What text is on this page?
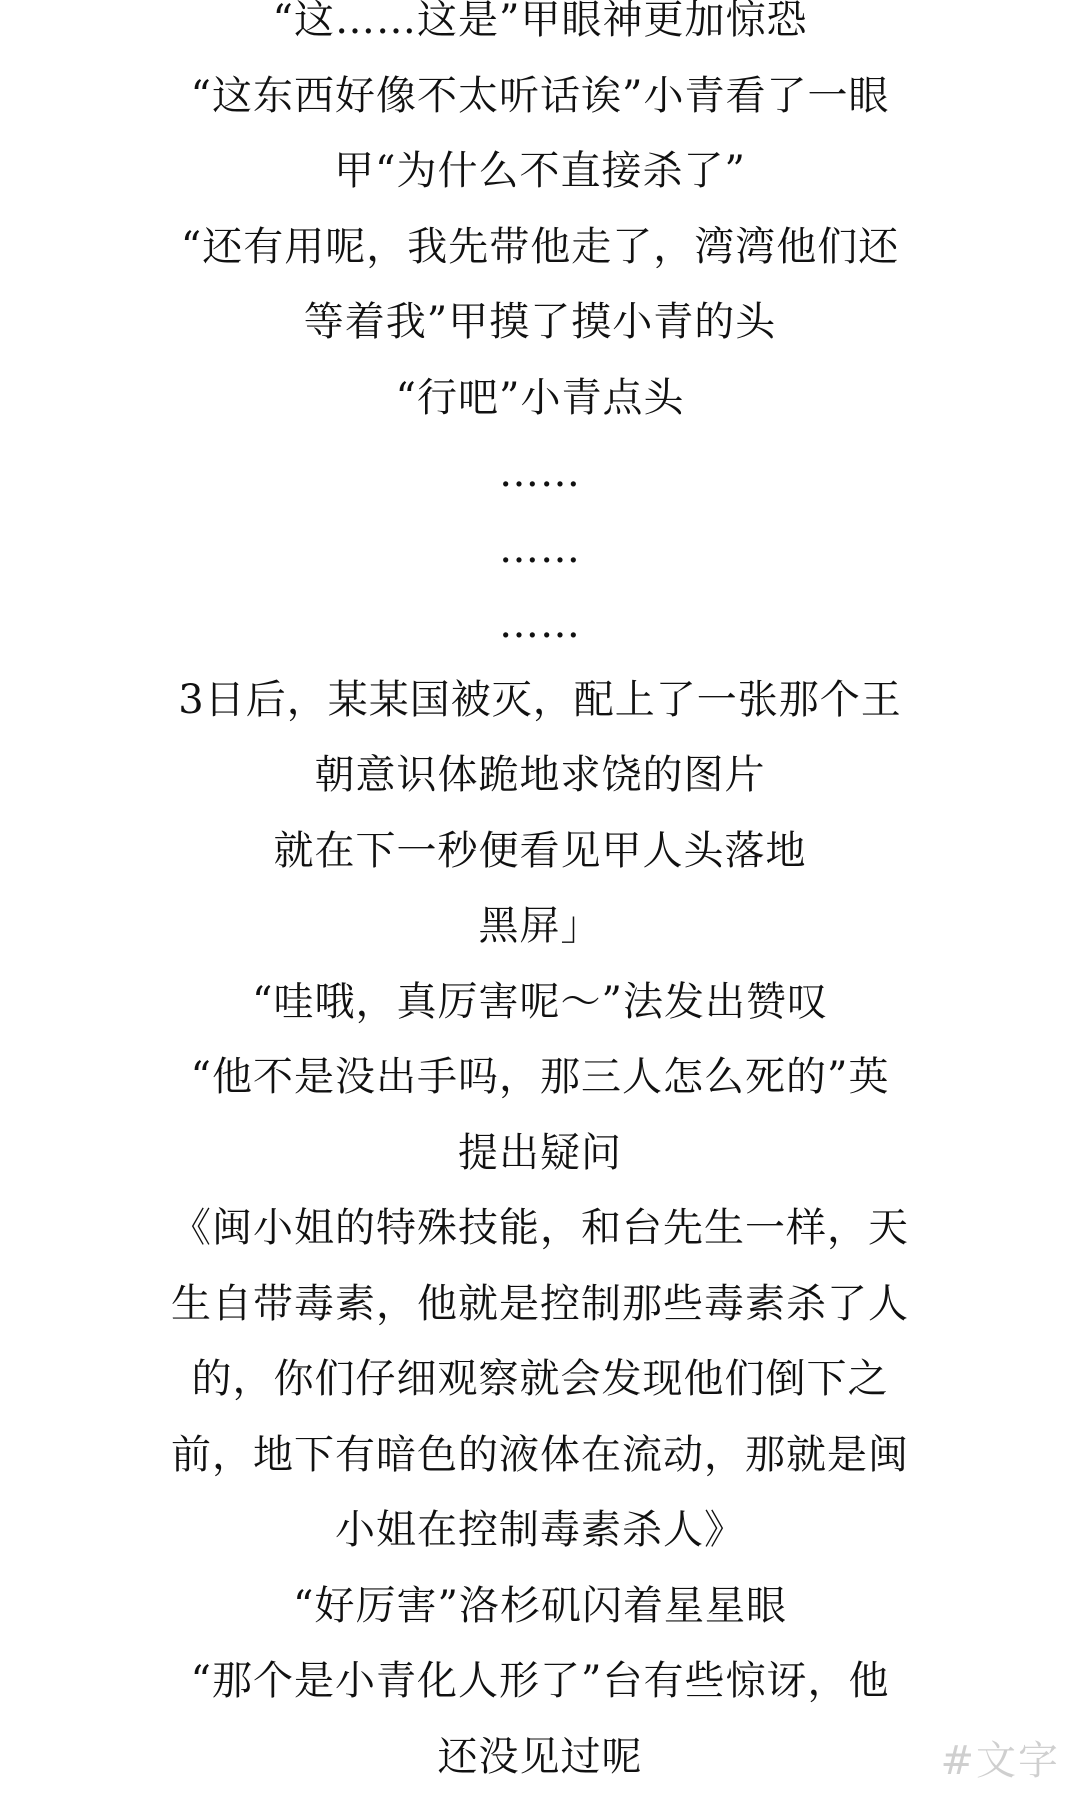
“这……这是”甲眼神更加惊恐

“这东西好像不太听话诶”小青看了一眼

甲“为什么不直接杀了”

“还有用呢，我先带他走了，湾湾他们还

等着我”甲摸了摸小青的头

“行吧”小青点头

……

……

……

3日后，某某国被灭，配上了一张那个王

朝意识体跪地求饶的图片

就在下一秒便看见甲人头落地

黑屏」

“哇哦，真厉害呢～”法发出赞叹

“他不是没出手吗，那三人怎么死的”英

提出疑问

《闽小姐的特殊技能，和台先生一样，天

生自带毒素，他就是控制那些毒素杀了人

的，你们仔细观察就会发现他们倒下之

前，地下有暗色的液体在流动，那就是闽

小姐在控制毒素杀人》

“好厉害”洛杉矶闪着星星眼

“那个是小青化人形了”台有些惊讶，他

还没见过呢	#文字
